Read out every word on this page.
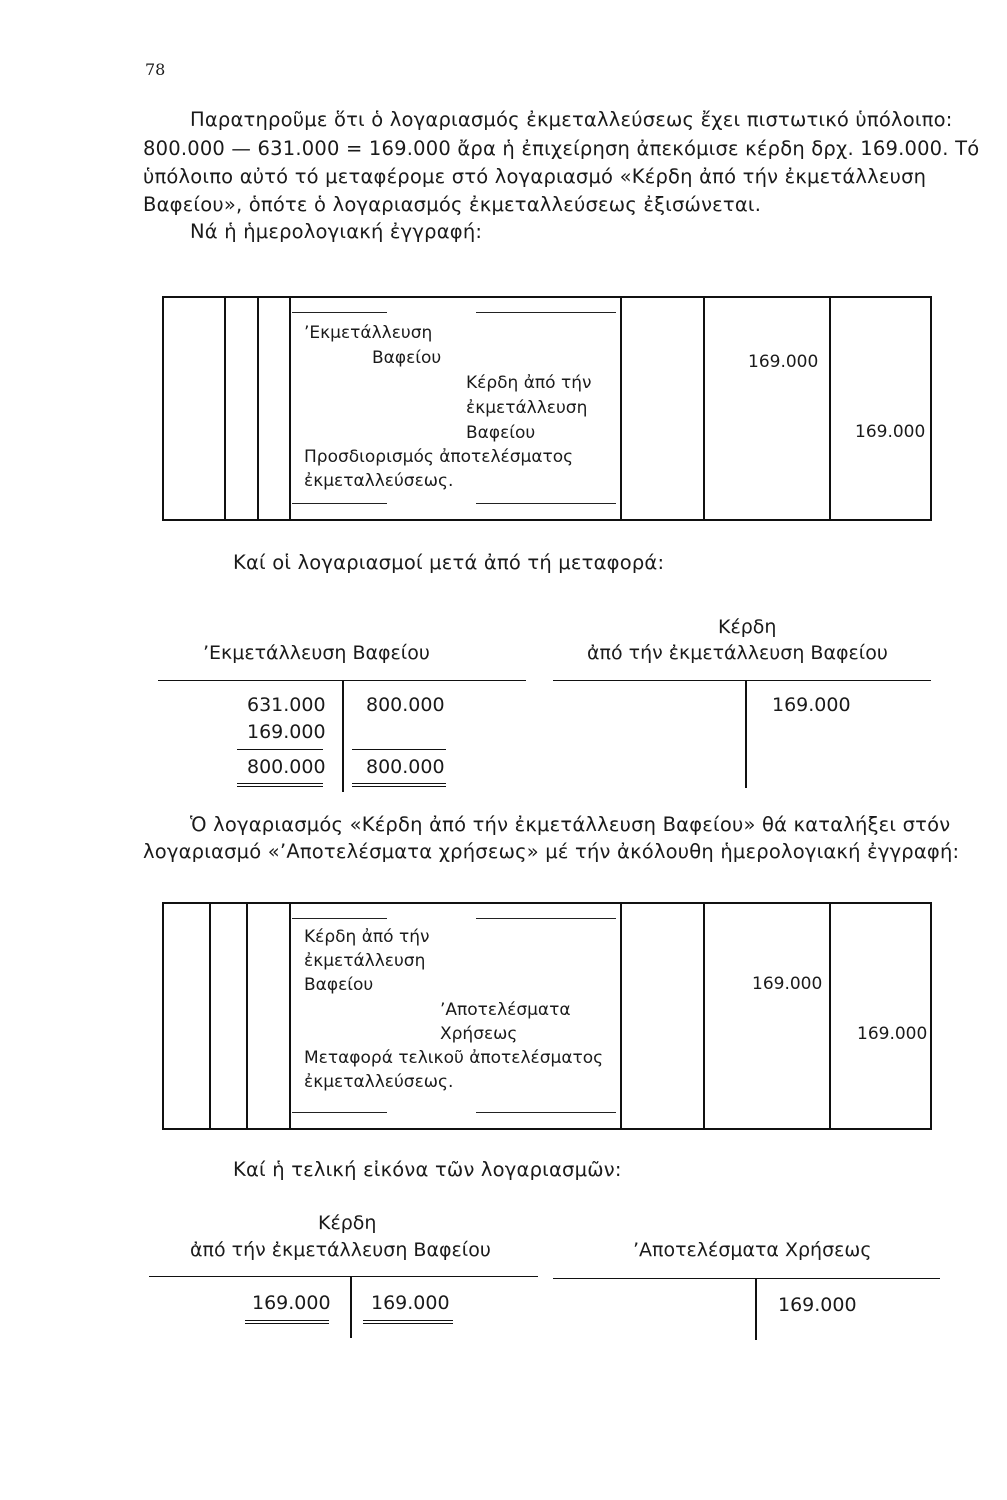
78
Παρατηροῦμε ὅτι ὁ λογαριασμός ἐκμεταλλεύσεως ἔχει πιστωτικό ὑπόλοιπο:
800.000 — 631.000 = 169.000 ἄρα ἡ ἐπιχείρηση ἀπεκόμισε κέρδη δρχ. 169.000. Τό
ὑπόλοιπο αὐτό τό μεταφέρομε στό λογαριασμό «Κέρδη ἀπό τήν ἐκμετάλλευση
Βαφείου», ὁπότε ὁ λογαριασμός ἐκμεταλλεύσεως ἐξισώνεται.
Νά ἡ ἡμερολογιακή ἐγγραφή:
’Εκμετάλλευση
Βαφείου
Κέρδη ἀπό τήν
ἐκμετάλλευση
Βαφείου
Προσδιορισμός ἀποτελέσματος
ἐκμεταλλεύσεως.
169.000
169.000
Καί οἱ λογαριασμοί μετά ἀπό τή μεταφορά:
’Εκμετάλλευση Βαφείου
631.000
169.000
800.000
800.000
800.000
Κέρδη
ἀπό τήν ἐκμετάλλευση Βαφείου
169.000
Ὁ λογαριασμός «Κέρδη ἀπό τήν ἐκμετάλλευση Βαφείου» θά καταλήξει στόν
λογαριασμό «’Αποτελέσματα χρήσεως» μέ τήν ἀκόλουθη ἡμερολογιακή ἐγγραφή:
Κέρδη ἀπό τήν
ἐκμετάλλευση
Βαφείου
’Αποτελέσματα
Χρήσεως
Μεταφορά τελικοῦ ἀποτελέσματος
ἐκμεταλλεύσεως.
169.000
169.000
Καί ἡ τελική εἰκόνα τῶν λογαριασμῶν:
Κέρδη
ἀπό τήν ἐκμετάλλευση Βαφείου
169.000 169.000
’Αποτελέσματα Χρήσεως
169.000
